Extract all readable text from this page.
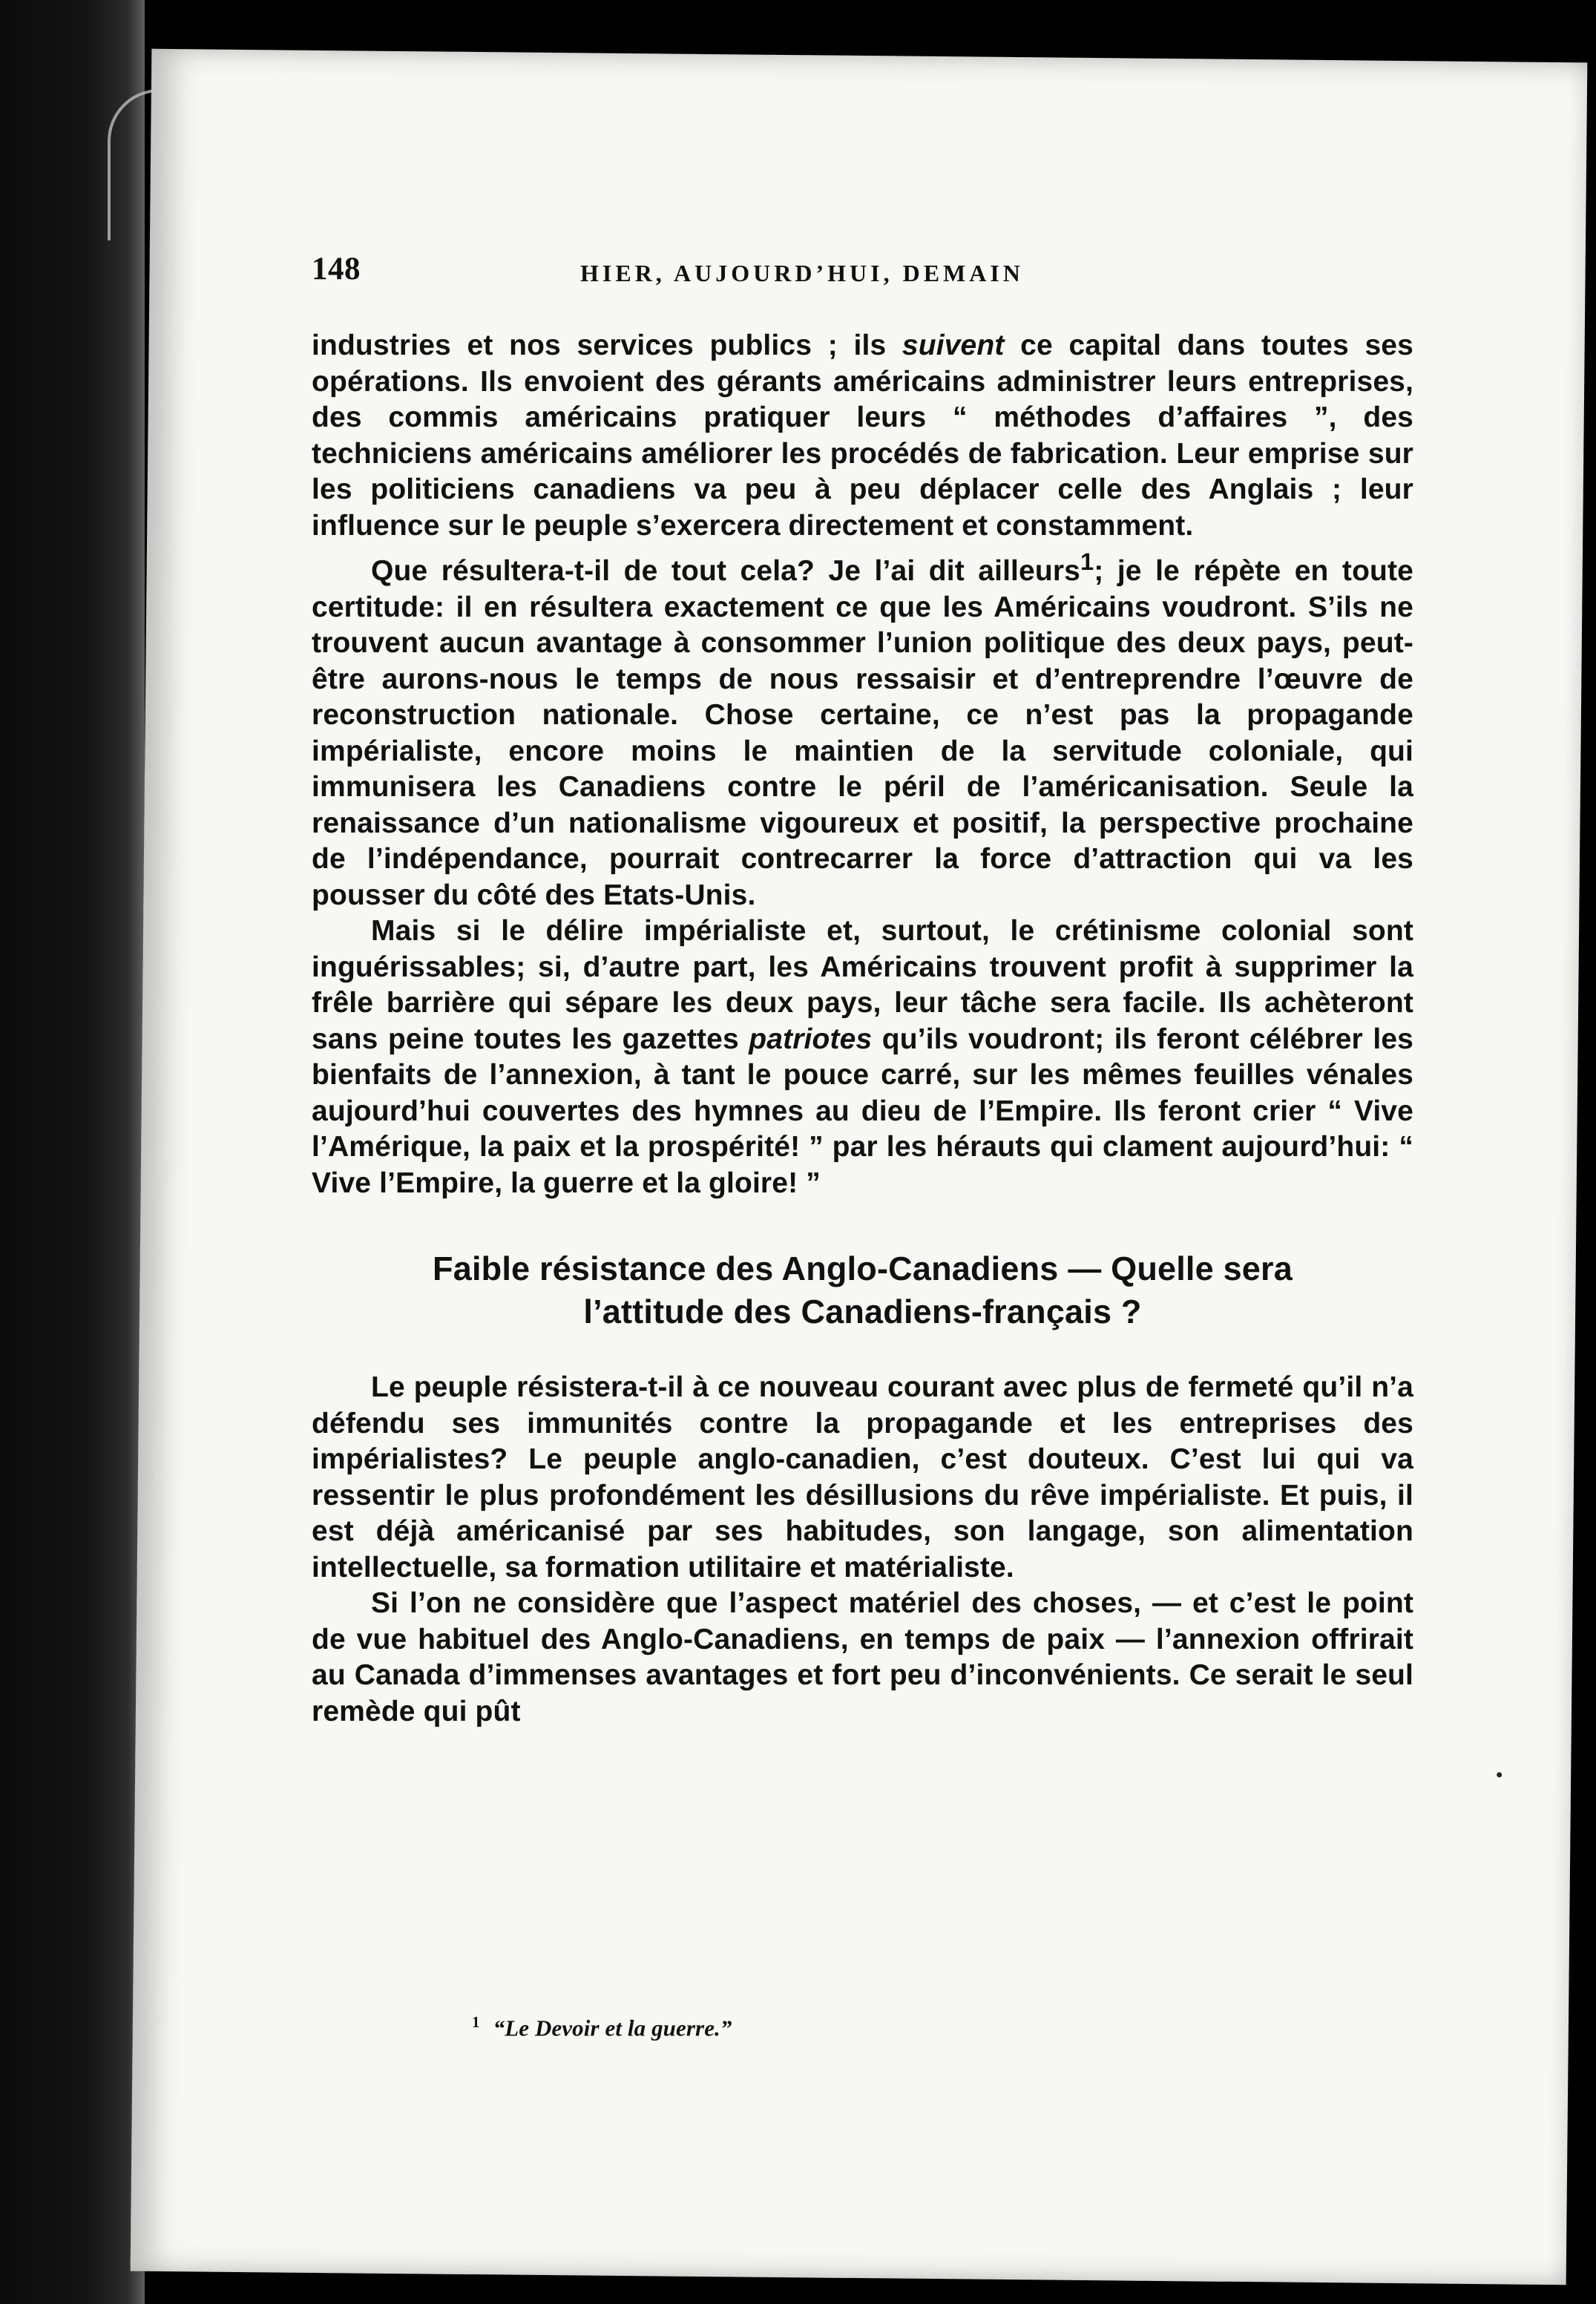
148	HIER, AUJOURD’HUI, DEMAIN

industries et nos services publics ; ils suivent ce capital dans toutes ses opérations. Ils envoient des gérants américains administrer leurs entreprises, des commis américains pratiquer leurs “ méthodes d’affaires ”, des techniciens américains améliorer les procédés de fabrication. Leur emprise sur les politiciens canadiens va peu à peu déplacer celle des Anglais ; leur influence sur le peuple s’exercera directement et constamment.

Que résultera-t-il de tout cela? Je l’ai dit ailleurs$^1$; je le répète en toute certitude: il en résultera exactement ce que les Américains voudront. S’ils ne trouvent aucun avantage à consommer l’union politique des deux pays, peut-être aurons-nous le temps de nous ressaisir et d’entreprendre l’œuvre de reconstruction nationale. Chose certaine, ce n’est pas la propagande impérialiste, encore moins le maintien de la servitude coloniale, qui immunisera les Canadiens contre le péril de l’américanisation. Seule la renaissance d’un nationalisme vigoureux et positif, la perspective prochaine de l’indépendance, pourrait contrecarrer la force d’attraction qui va les pousser du côté des Etats-Unis.

Mais si le délire impérialiste et, surtout, le crétinisme colonial sont inguérissables; si, d’autre part, les Américains trouvent profit à supprimer la frêle barrière qui sépare les deux pays, leur tâche sera facile. Ils achèteront sans peine toutes les gazettes patriotes qu’ils voudront; ils feront célébrer les bienfaits de l’annexion, à tant le pouce carré, sur les mêmes feuilles vénales aujourd’hui couvertes des hymnes au dieu de l’Empire. Ils feront crier “ Vive l’Amérique, la paix et la prospérité! ” par les hérauts qui clament aujourd’hui: “ Vive l’Empire, la guerre et la gloire! ”

Faible résistance des Anglo-Canadiens — Quelle sera
l’attitude des Canadiens-français ?

Le peuple résistera-t-il à ce nouveau courant avec plus de fermeté qu’il n’a défendu ses immunités contre la propagande et les entreprises des impérialistes? Le peuple anglo-canadien, c’est douteux. C’est lui qui va ressentir le plus profondément les désillusions du rêve impérialiste. Et puis, il est déjà américanisé par ses habitudes, son langage, son alimentation intellectuelle, sa formation utilitaire et matérialiste.

Si l’on ne considère que l’aspect matériel des choses, — et c’est le point de vue habituel des Anglo-Canadiens, en temps de paix — l’annexion offrirait au Canada d’immenses avantages et fort peu d’inconvénients. Ce serait le seul remède qui pût

$^1$ “Le Devoir et la guerre.”
